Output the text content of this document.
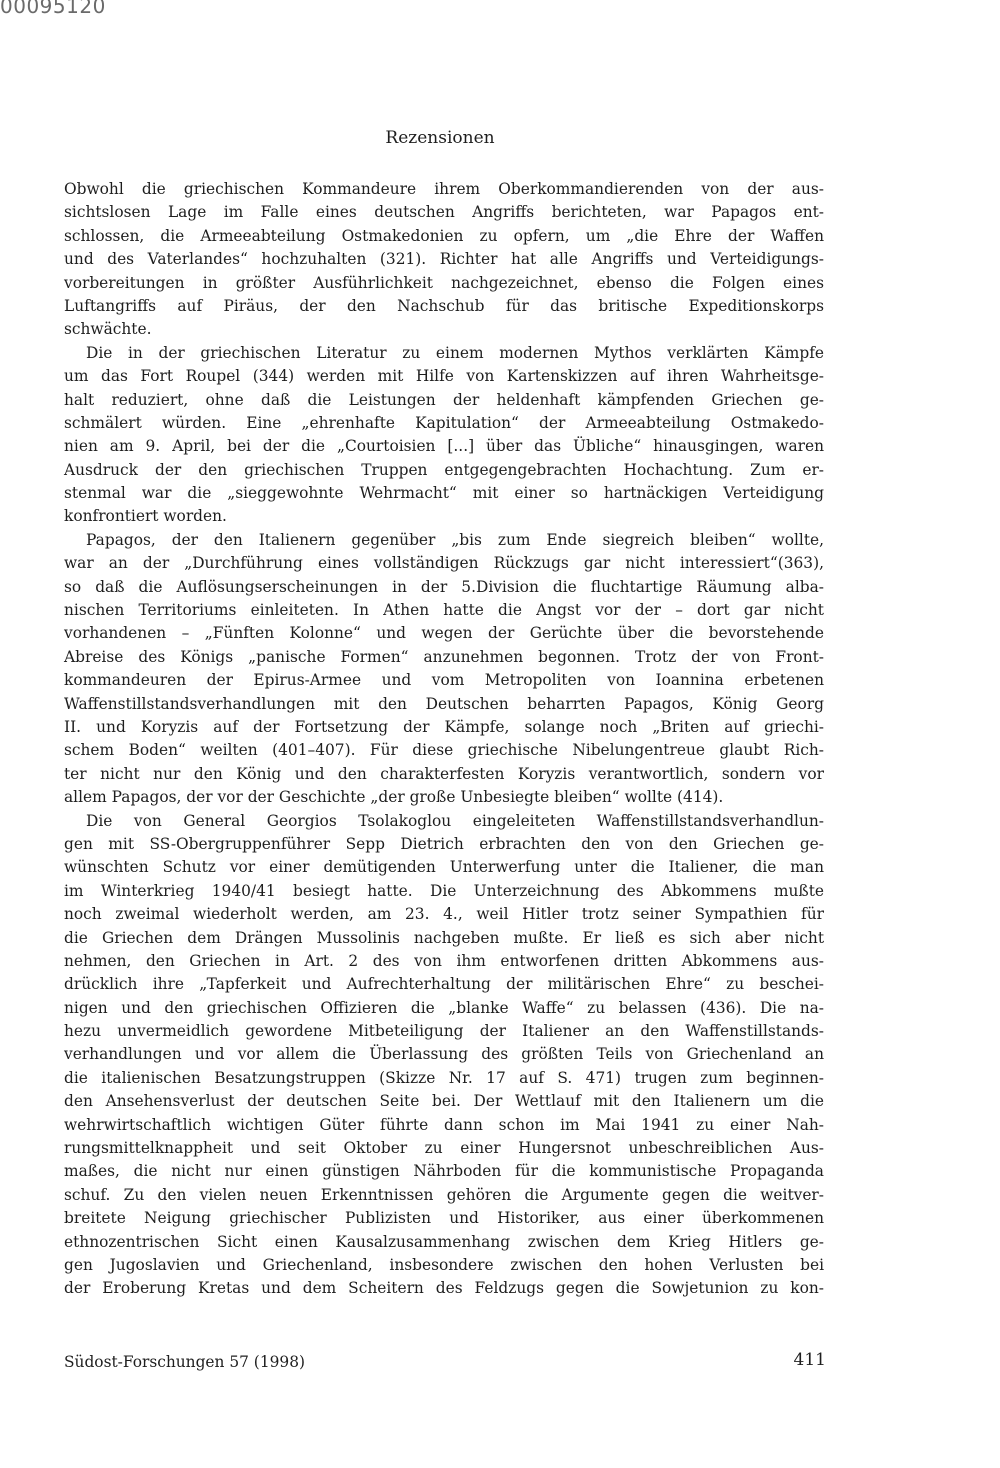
00095120
Rezensionen
Obwohl die griechischen Kommandeure ihrem Oberkommandierenden von der aus-
sichtslosen Lage im Falle eines deutschen Angriffs berichteten, war Papagos ent-
schlossen, die Armeeabteilung Ostmakedonien zu opfern, um „die Ehre der Waffen
und des Vaterlandes“ hochzuhalten (321). Richter hat alle Angriffs und Verteidigungs-
vorbereitungen in größter Ausführlichkeit nachgezeichnet, ebenso die Folgen eines
Luftangriffs auf Piräus, der den Nachschub für das britische Expeditionskorps
schwächte.
Die in der griechischen Literatur zu einem modernen Mythos verklärten Kämpfe
um das Fort Roupel (344) werden mit Hilfe von Kartenskizzen auf ihren Wahrheitsge-
halt reduziert, ohne daß die Leistungen der heldenhaft kämpfenden Griechen ge-
schmälert würden. Eine „ehrenhafte Kapitulation“ der Armeeabteilung Ostmakedo-
nien am 9. April, bei der die „Courtoisien [...] über das Übliche“ hinausgingen, waren
Ausdruck der den griechischen Truppen entgegengebrachten Hochachtung. Zum er-
stenmal war die „sieggewohnte Wehrmacht“ mit einer so hartnäckigen Verteidigung
konfrontiert worden.
Papagos, der den Italienern gegenüber „bis zum Ende siegreich bleiben“ wollte,
war an der „Durchführung eines vollständigen Rückzugs gar nicht interessiert“(363),
so daß die Auflösungserscheinungen in der 5.Division die fluchtartige Räumung alba-
nischen Territoriums einleiteten. In Athen hatte die Angst vor der – dort gar nicht
vorhandenen – „Fünften Kolonne“ und wegen der Gerüchte über die bevorstehende
Abreise des Königs „panische Formen“ anzunehmen begonnen. Trotz der von Front-
kommandeuren der Epirus-Armee und vom Metropoliten von Ioannina erbetenen
Waffenstillstandsverhandlungen mit den Deutschen beharrten Papagos, König Georg
II. und Koryzis auf der Fortsetzung der Kämpfe, solange noch „Briten auf griechi-
schem Boden“ weilten (401–407). Für diese griechische Nibelungentreue glaubt Rich-
ter nicht nur den König und den charakterfesten Koryzis verantwortlich, sondern vor
allem Papagos, der vor der Geschichte „der große Unbesiegte bleiben“ wollte (414).
Die von General Georgios Tsolakoglou eingeleiteten Waffenstillstandsverhandlun-
gen mit SS-Obergruppenführer Sepp Dietrich erbrachten den von den Griechen ge-
wünschten Schutz vor einer demütigenden Unterwerfung unter die Italiener, die man
im Winterkrieg 1940/41 besiegt hatte. Die Unterzeichnung des Abkommens mußte
noch zweimal wiederholt werden, am 23. 4., weil Hitler trotz seiner Sympathien für
die Griechen dem Drängen Mussolinis nachgeben mußte. Er ließ es sich aber nicht
nehmen, den Griechen in Art. 2 des von ihm entworfenen dritten Abkommens aus-
drücklich ihre „Tapferkeit und Aufrechterhaltung der militärischen Ehre“ zu beschei-
nigen und den griechischen Offizieren die „blanke Waffe“ zu belassen (436). Die na-
hezu unvermeidlich gewordene Mitbeteiligung der Italiener an den Waffenstillstands-
verhandlungen und vor allem die Überlassung des größten Teils von Griechenland an
die italienischen Besatzungstruppen (Skizze Nr. 17 auf S. 471) trugen zum beginnen-
den Ansehensverlust der deutschen Seite bei. Der Wettlauf mit den Italienern um die
wehrwirtschaftlich wichtigen Güter führte dann schon im Mai 1941 zu einer Nah-
rungsmittelknappheit und seit Oktober zu einer Hungersnot unbeschreiblichen Aus-
maßes, die nicht nur einen günstigen Nährboden für die kommunistische Propaganda
schuf. Zu den vielen neuen Erkenntnissen gehören die Argumente gegen die weitver-
breitete Neigung griechischer Publizisten und Historiker, aus einer überkommenen
ethnozentrischen Sicht einen Kausalzusammenhang zwischen dem Krieg Hitlers ge-
gen Jugoslavien und Griechenland, insbesondere zwischen den hohen Verlusten bei
der Eroberung Kretas und dem Scheitern des Feldzugs gegen die Sowjetunion zu kon-
Südost-Forschungen 57 (1998)	411
